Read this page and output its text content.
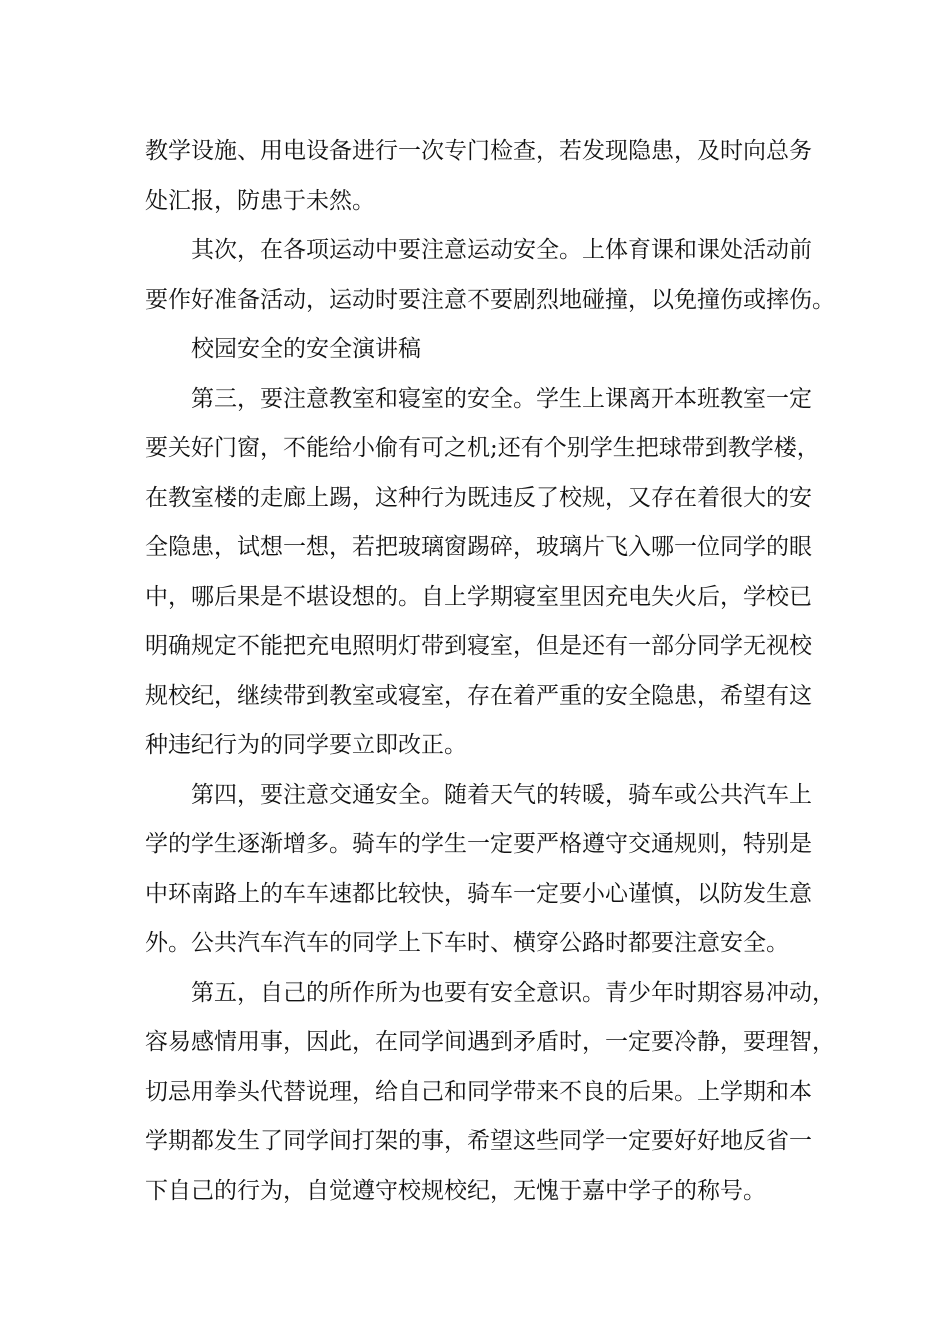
教学设施、用电设备进行一次专门检查，若发现隐患，及时向总务
处汇报，防患于未然。
其次，在各项运动中要注意运动安全。上体育课和课处活动前
要作好准备活动，运动时要注意不要剧烈地碰撞，以免撞伤或摔伤。
校园安全的安全演讲稿
第三，要注意教室和寝室的安全。学生上课离开本班教室一定
要关好门窗，不能给小偷有可之机;还有个别学生把球带到教学楼，
在教室楼的走廊上踢，这种行为既违反了校规，又存在着很大的安
全隐患，试想一想，若把玻璃窗踢碎，玻璃片飞入哪一位同学的眼
中，哪后果是不堪设想的。自上学期寝室里因充电失火后，学校已
明确规定不能把充电照明灯带到寝室，但是还有一部分同学无视校
规校纪，继续带到教室或寝室，存在着严重的安全隐患，希望有这
种违纪行为的同学要立即改正。
第四，要注意交通安全。随着天气的转暖，骑车或公共汽车上
学的学生逐渐增多。骑车的学生一定要严格遵守交通规则，特别是
中环南路上的车车速都比较快，骑车一定要小心谨慎，以防发生意
外。公共汽车汽车的同学上下车时、横穿公路时都要注意安全。
第五，自己的所作所为也要有安全意识。青少年时期容易冲动，
容易感情用事，因此，在同学间遇到矛盾时，一定要冷静，要理智，
切忌用拳头代替说理，给自己和同学带来不良的后果。上学期和本
学期都发生了同学间打架的事，希望这些同学一定要好好地反省一
下自己的行为，自觉遵守校规校纪，无愧于嘉中学子的称号。
